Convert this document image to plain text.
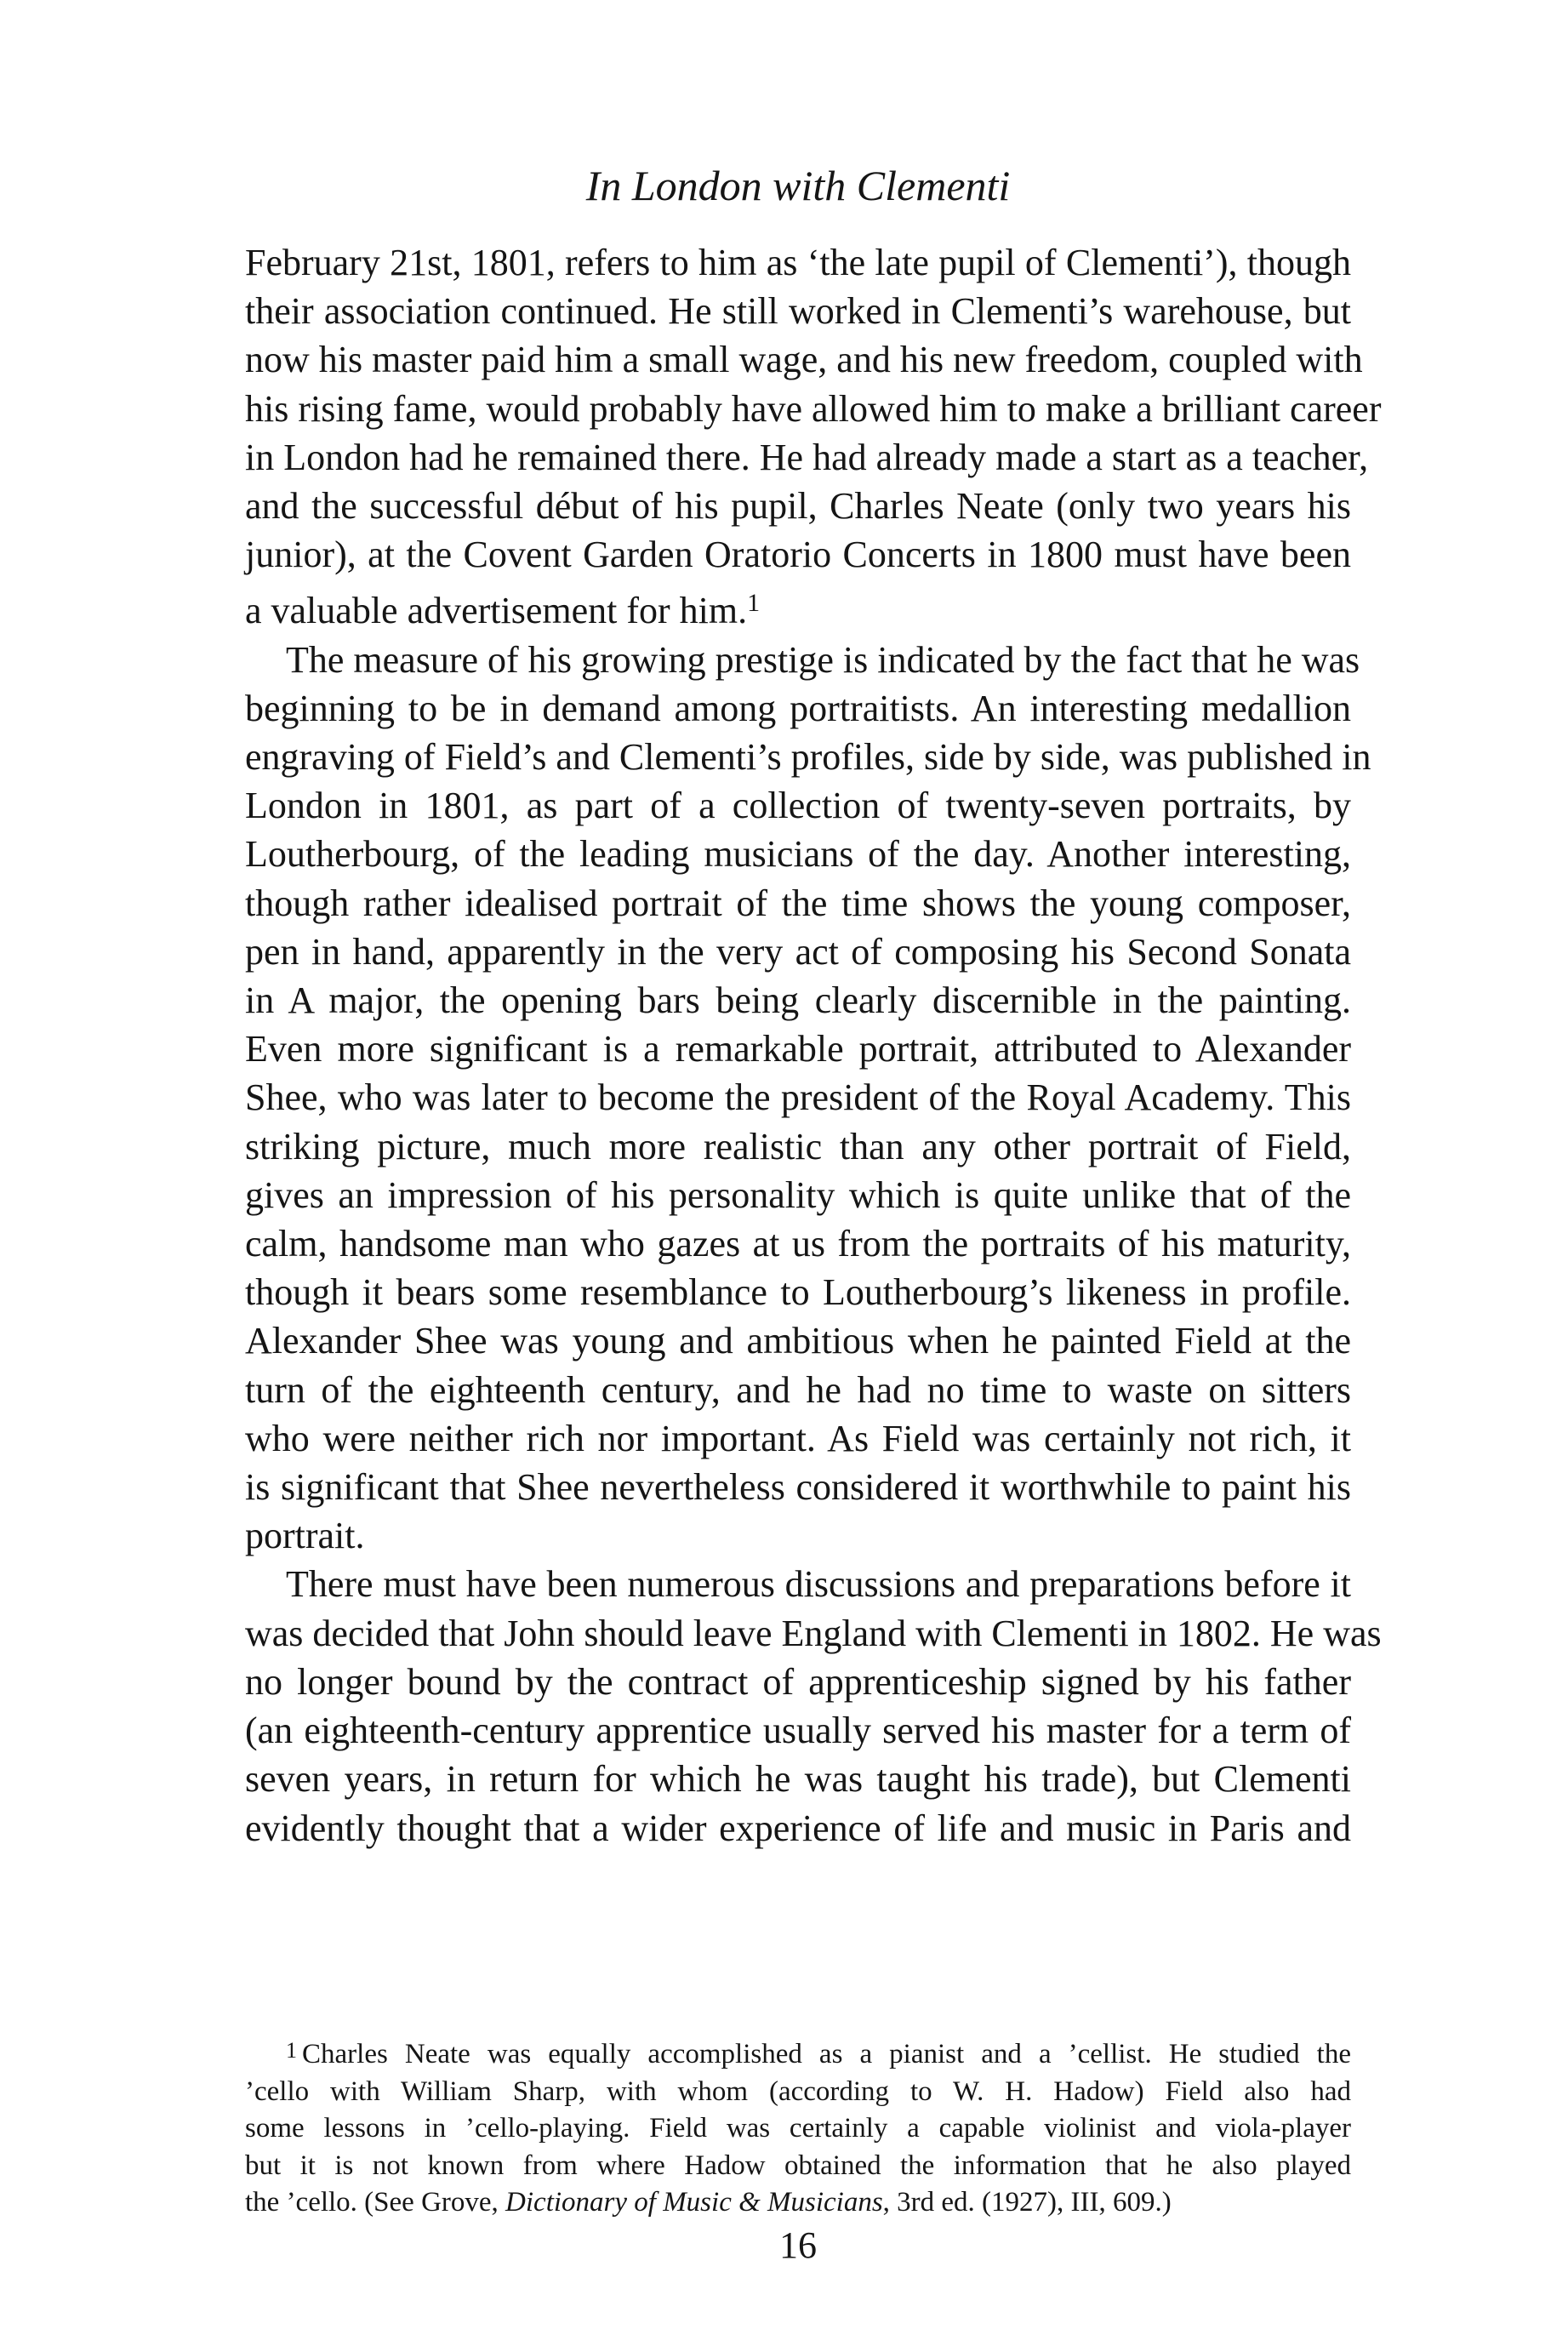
In London with Clementi

February 21st, 1801, refers to him as ‘the late pupil of Clementi’), though
their association continued. He still worked in Clementi’s warehouse, but
now his master paid him a small wage, and his new freedom, coupled with
his rising fame, would probably have allowed him to make a brilliant career
in London had he remained there. He had already made a start as a teacher,
and the successful début of his pupil, Charles Neate (only two years his
junior), at the Covent Garden Oratorio Concerts in 1800 must have been
a valuable advertisement for him.$^1$

The measure of his growing prestige is indicated by the fact that he was
beginning to be in demand among portraitists. An interesting medallion
engraving of Field’s and Clementi’s profiles, side by side, was published in
London in 1801, as part of a collection of twenty-seven portraits, by
Loutherbourg, of the leading musicians of the day. Another interesting,
though rather idealised portrait of the time shows the young composer,
pen in hand, apparently in the very act of composing his Second Sonata
in A major, the opening bars being clearly discernible in the painting.
Even more significant is a remarkable portrait, attributed to Alexander
Shee, who was later to become the president of the Royal Academy. This
striking picture, much more realistic than any other portrait of Field,
gives an impression of his personality which is quite unlike that of the
calm, handsome man who gazes at us from the portraits of his maturity,
though it bears some resemblance to Loutherbourg’s likeness in profile.
Alexander Shee was young and ambitious when he painted Field at the
turn of the eighteenth century, and he had no time to waste on sitters
who were neither rich nor important. As Field was certainly not rich, it
is significant that Shee nevertheless considered it worthwhile to paint his
portrait.

There must have been numerous discussions and preparations before it
was decided that John should leave England with Clementi in 1802. He was
no longer bound by the contract of apprenticeship signed by his father
(an eighteenth-century apprentice usually served his master for a term of
seven years, in return for which he was taught his trade), but Clementi
evidently thought that a wider experience of life and music in Paris and

1 Charles Neate was equally accomplished as a pianist and a ’cellist. He studied the
’cello with William Sharp, with whom (according to W. H. Hadow) Field also had
some lessons in ’cello-playing. Field was certainly a capable violinist and viola-player
but it is not known from where Hadow obtained the information that he also played
the ’cello. (See Grove, Dictionary of Music & Musicians, 3rd ed. (1927), III, 609.)
16
